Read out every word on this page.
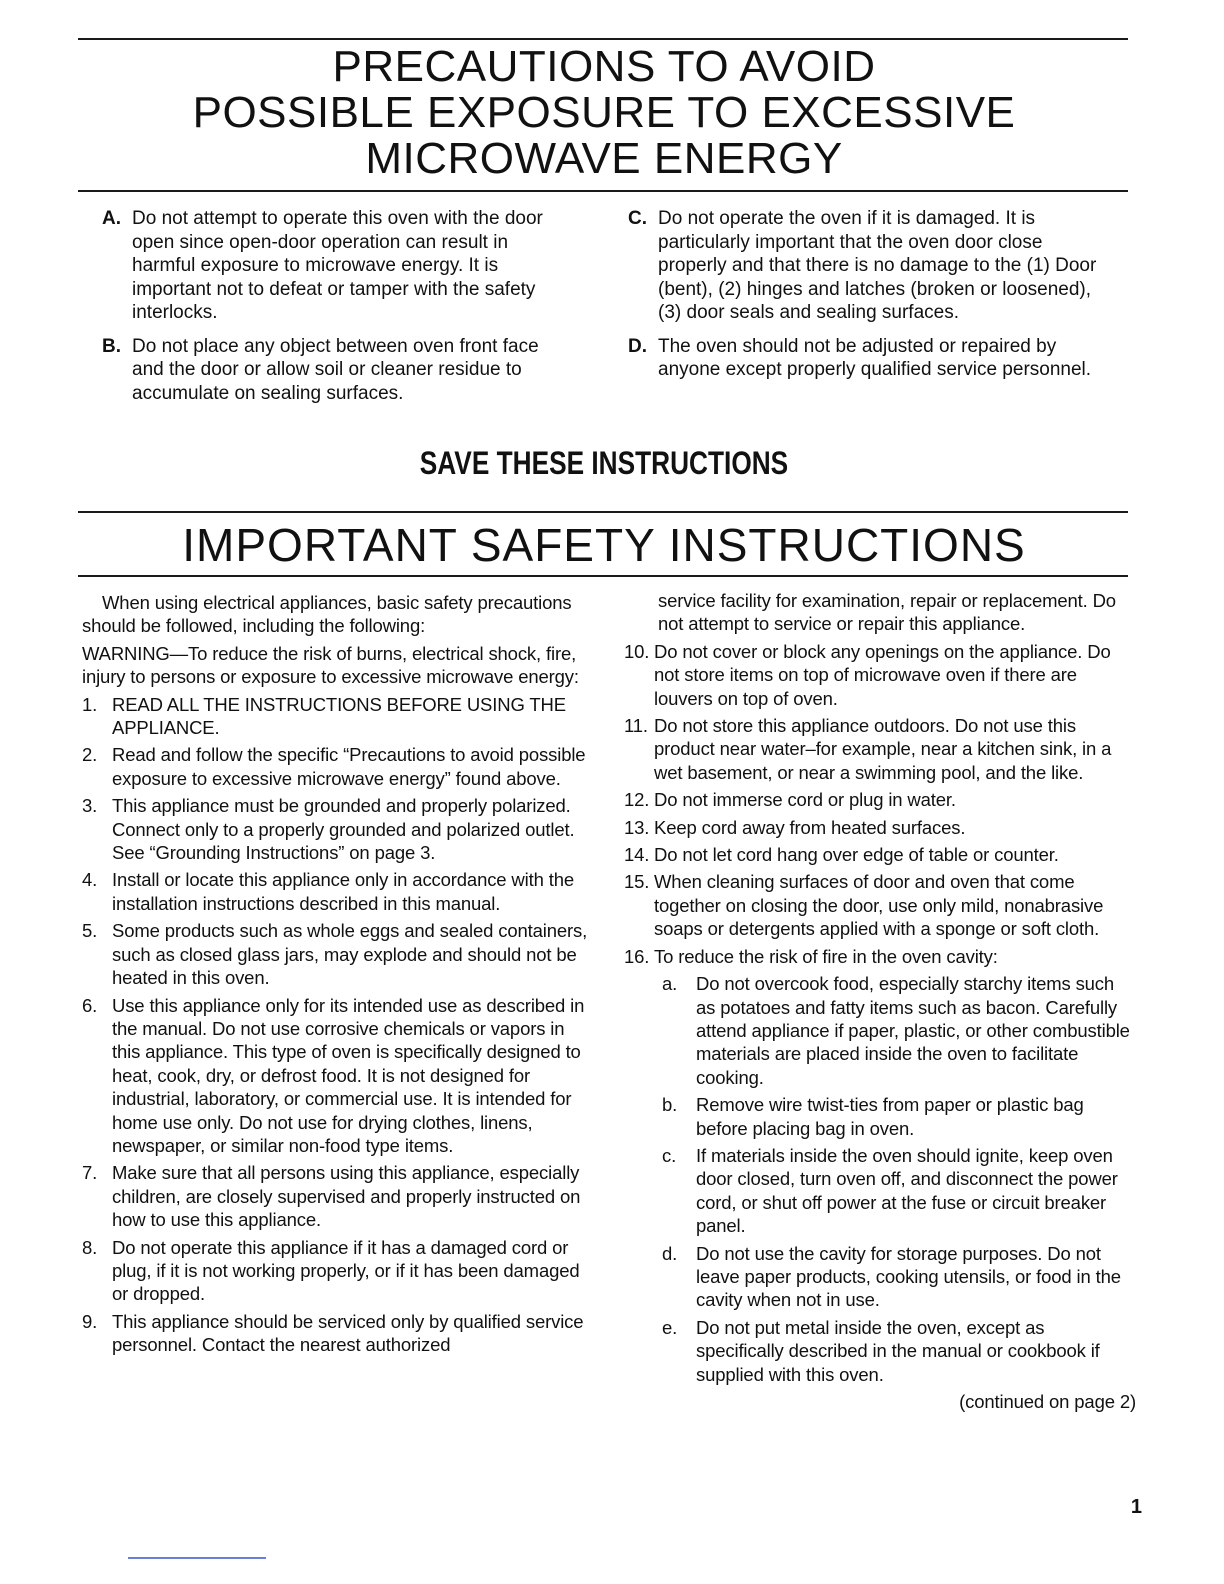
PRECAUTIONS TO AVOID
POSSIBLE EXPOSURE TO EXCESSIVE
MICROWAVE ENERGY
A. Do not attempt to operate this oven with the door open since open-door operation can result in harmful exposure to microwave energy. It is important not to defeat or tamper with the safety interlocks.
B. Do not place any object between oven front face and the door or allow soil or cleaner residue to accumulate on sealing surfaces.
C. Do not operate the oven if it is damaged. It is particularly important that the oven door close properly and that there is no damage to the (1) Door (bent), (2) hinges and latches (broken or loosened), (3) door seals and sealing surfaces.
D. The oven should not be adjusted or repaired by anyone except properly qualified service personnel.
SAVE THESE INSTRUCTIONS
IMPORTANT SAFETY INSTRUCTIONS

When using electrical appliances, basic safety precautions should be followed, including the following:

WARNING—To reduce the risk of burns, electrical shock, fire, injury to persons or exposure to excessive microwave energy:

1. READ ALL THE INSTRUCTIONS BEFORE USING THE APPLIANCE.
2. Read and follow the specific “Precautions to avoid possible exposure to excessive microwave energy” found above.
3. This appliance must be grounded and properly polarized. Connect only to a properly grounded and polarized outlet. See “Grounding Instructions” on page 3.
4. Install or locate this appliance only in accordance with the installation instructions described in this manual.
5. Some products such as whole eggs and sealed containers, such as closed glass jars, may explode and should not be heated in this oven.
6. Use this appliance only for its intended use as described in the manual. Do not use corrosive chemicals or vapors in this appliance. This type of oven is specifically designed to heat, cook, dry, or defrost food. It is not designed for industrial, laboratory, or commercial use. It is intended for home use only. Do not use for drying clothes, linens, newspaper, or similar non-food type items.
7. Make sure that all persons using this appliance, especially children, are closely supervised and properly instructed on how to use this appliance.
8. Do not operate this appliance if it has a damaged cord or plug, if it is not working properly, or if it has been damaged or dropped.
9. This appliance should be serviced only by qualified service personnel. Contact the nearest authorized
service facility for examination, repair or replacement. Do not attempt to service or repair this appliance.
10. Do not cover or block any openings on the appliance. Do not store items on top of microwave oven if there are louvers on top of oven.
11. Do not store this appliance outdoors. Do not use this product near water–for example, near a kitchen sink, in a wet basement, or near a swimming pool, and the like.
12. Do not immerse cord or plug in water.
13. Keep cord away from heated surfaces.
14. Do not let cord hang over edge of table or counter.
15. When cleaning surfaces of door and oven that come together on closing the door, use only mild, nonabrasive soaps or detergents applied with a sponge or soft cloth.
16. To reduce the risk of fire in the oven cavity:
a.	Do not overcook food, especially starchy items such as potatoes and fatty items such as bacon. Carefully attend appliance if paper, plastic, or other combustible materials are placed inside the oven to facilitate cooking.
b.	Remove wire twist-ties from paper or plastic bag before placing bag in oven.
c.	If materials inside the oven should ignite, keep oven door closed, turn oven off, and disconnect the power cord, or shut off power at the fuse or circuit breaker panel.
d.	Do not use the cavity for storage purposes. Do not leave paper products, cooking utensils, or food in the cavity when not in use.
e.	Do not put metal inside the oven, except as specifically described in the manual or cookbook if supplied with this oven.
(continued on page 2)
1
